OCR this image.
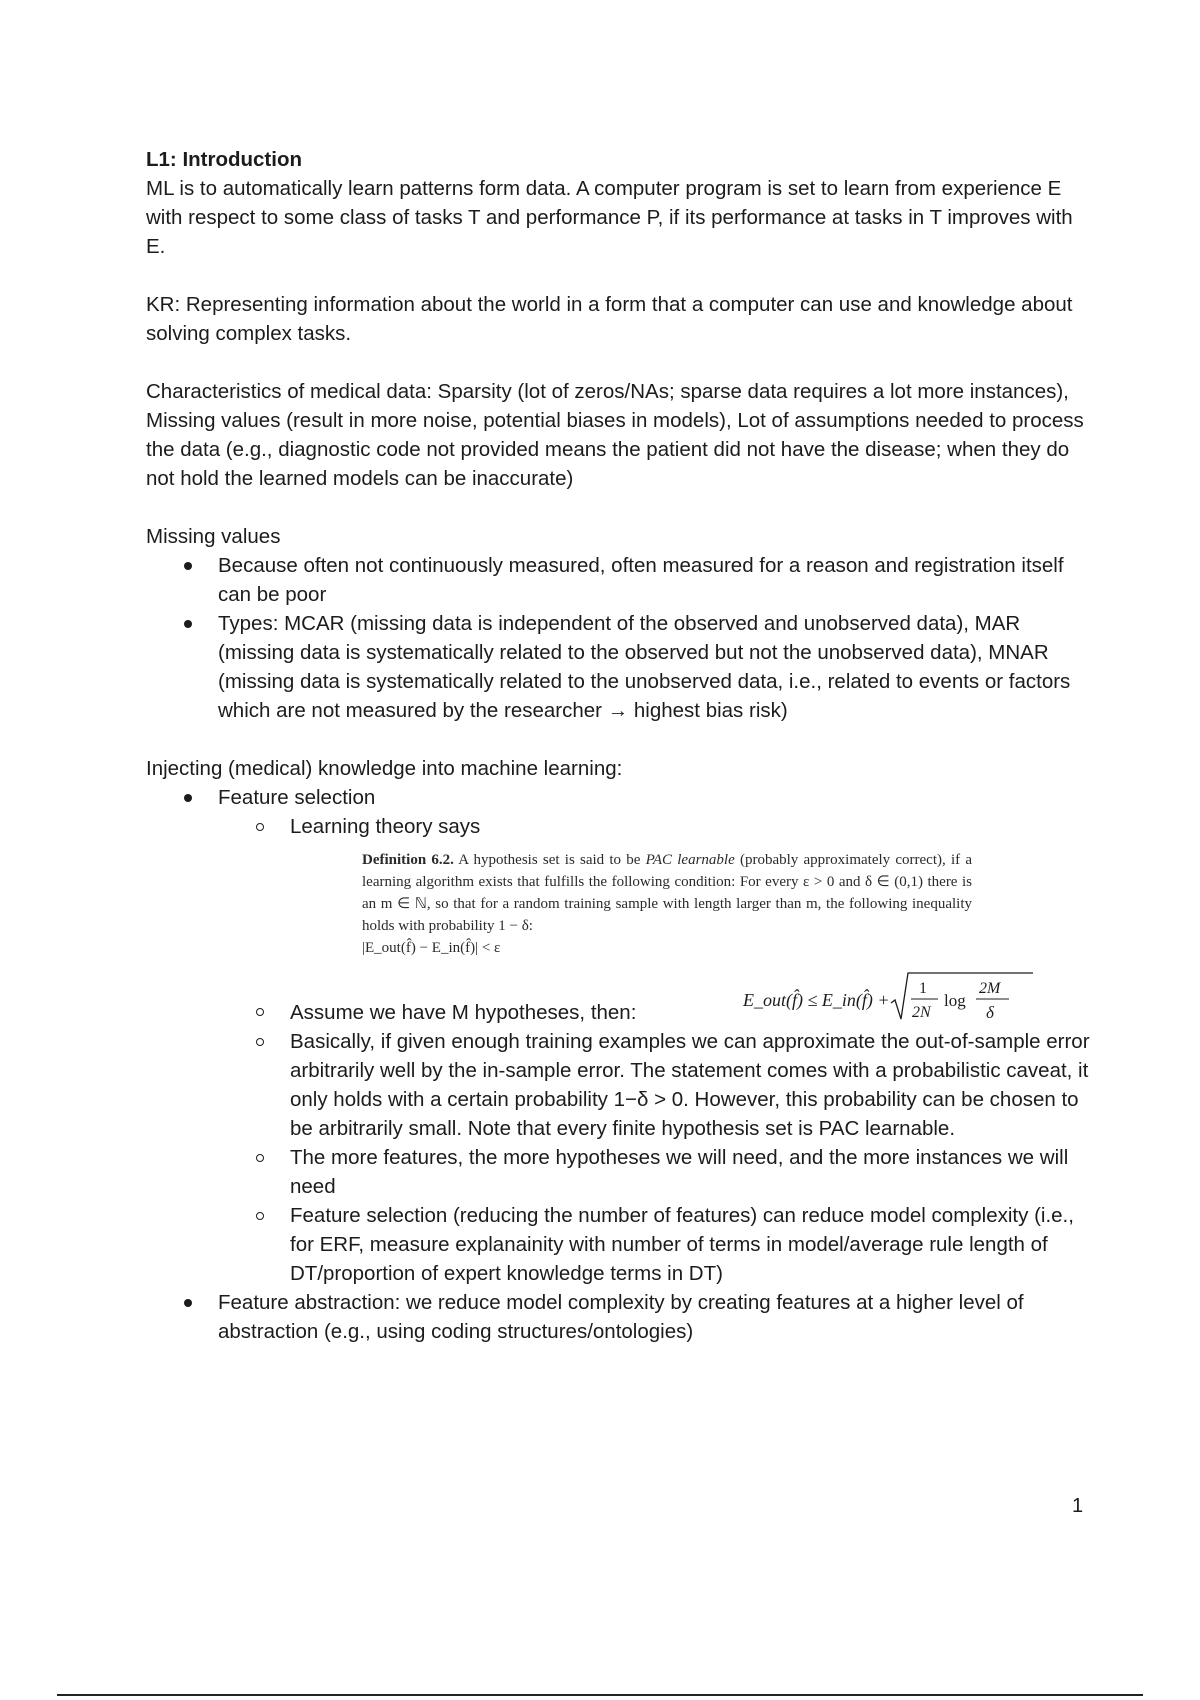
L1: Introduction

ML is to automatically learn patterns form data. A computer program is set to learn from experience E with respect to some class of tasks T and performance P, if its performance at tasks in T improves with E.

KR: Representing information about the world in a form that a computer can use and knowledge about solving complex tasks.

Characteristics of medical data: Sparsity (lot of zeros/NAs; sparse data requires a lot more instances), Missing values (result in more noise, potential biases in models), Lot of assumptions needed to process the data (e.g., diagnostic code not provided means the patient did not have the disease; when they do not hold the learned models can be inaccurate)

Missing values

Because often not continuously measured, often measured for a reason and registration itself can be poor
Types: MCAR (missing data is independent of the observed and unobserved data), MAR (missing data is systematically related to the observed but not the unobserved data), MNAR (missing data is systematically related to the unobserved data, i.e., related to events or factors which are not measured by the researcher → highest bias risk)

Injecting (medical) knowledge into machine learning:

Feature selection
Learning theory says
Definition 6.2. A hypothesis set is said to be PAC learnable (probably approximately correct), if a learning algorithm exists that fulfills the following condition: For every ε > 0 and δ ∈ (0,1) there is an m ∈ ℕ, so that for a random training sample with length larger than m, the following inequality holds with probability 1 − δ:
|E_out(f̂) − E_in(f̂)| < ε
Assume we have M hypotheses, then:
E_out(f̂) ≤ E_in(f̂) +
1
2N
log
2M
δ
Basically, if given enough training examples we can approximate the out-of-sample error arbitrarily well by the in-sample error. The statement comes with a probabilistic caveat, it only holds with a certain probability 1−δ > 0. However, this probability can be chosen to be arbitrarily small. Note that every finite hypothesis set is PAC learnable.
The more features, the more hypotheses we will need, and the more instances we will need
Feature selection (reducing the number of features) can reduce model complexity (i.e., for ERF, measure explanainity with number of terms in model/average rule length of DT/proportion of expert knowledge terms in DT)
Feature abstraction: we reduce model complexity by creating features at a higher level of abstraction (e.g., using coding structures/ontologies)
1
